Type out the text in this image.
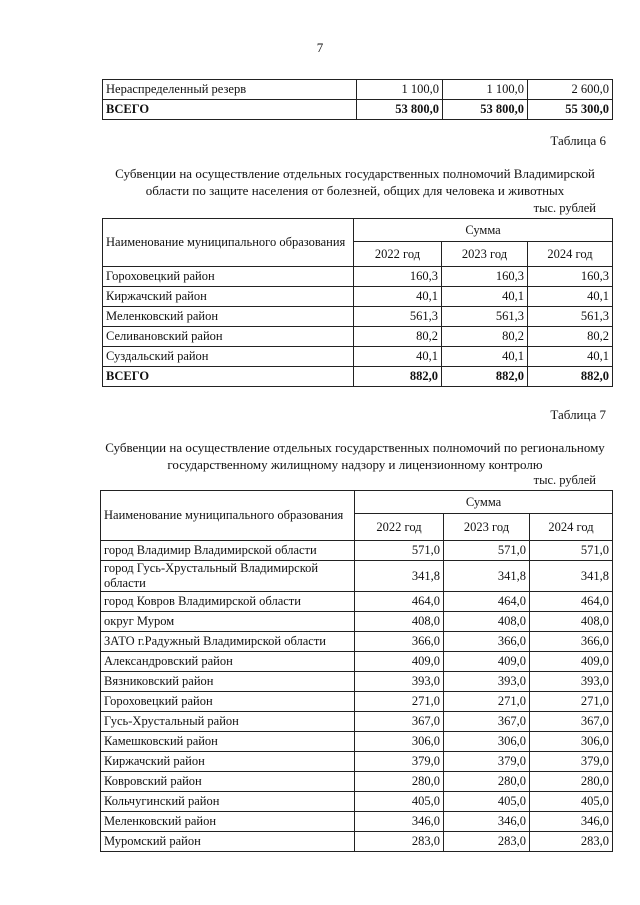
7
Нераспределенный резерв	1 100,0	1 100,0	2 600,0
ВСЕГО	53 800,0	53 800,0	55 300,0
Таблица 6
Субвенции на осуществление отдельных государственных полномочий Владимирской
области по защите населения от болезней, общих для человека и животных
тыс. рублей
Наименование муниципального образования	Сумма		
	2022 год	2023 год	2024 год
Гороховецкий район	160,3	160,3	160,3
Киржачский район	40,1	40,1	40,1
Меленковский район	561,3	561,3	561,3
Селивановский район	80,2	80,2	80,2
Суздальский район	40,1	40,1	40,1
ВСЕГО	882,0	882,0	882,0
Таблица 7
Субвенции на осуществление отдельных государственных полномочий по региональному
государственному жилищному надзору и лицензионному контролю
тыс. рублей
Наименование муниципального образования	Сумма		
	2022 год	2023 год	2024 год
город Владимир Владимирской области	571,0	571,0	571,0
город Гусь-Хрустальный Владимирской области	341,8	341,8	341,8
город Ковров Владимирской области	464,0	464,0	464,0
округ Муром	408,0	408,0	408,0
ЗАТО г.Радужный Владимирской области	366,0	366,0	366,0
Александровский район	409,0	409,0	409,0
Вязниковский район	393,0	393,0	393,0
Гороховецкий район	271,0	271,0	271,0
Гусь-Хрустальный район	367,0	367,0	367,0
Камешковский район	306,0	306,0	306,0
Киржачский район	379,0	379,0	379,0
Ковровский район	280,0	280,0	280,0
Кольчугинский район	405,0	405,0	405,0
Меленковский район	346,0	346,0	346,0
Муромский район	283,0	283,0	283,0
